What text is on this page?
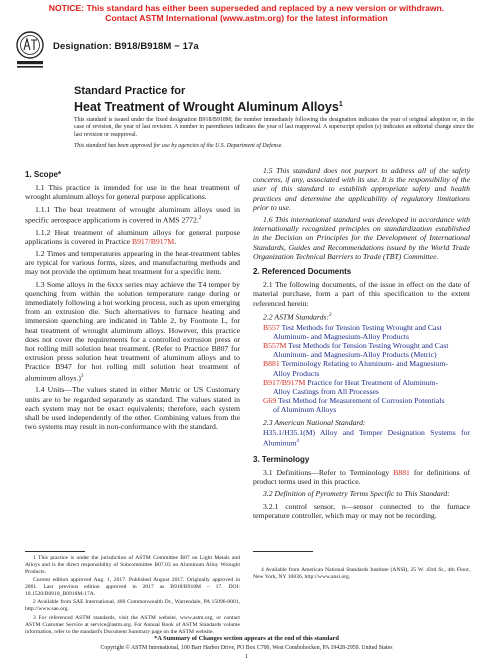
NOTICE: This standard has either been superseded and replaced by a new version or withdrawn.
Contact ASTM International (www.astm.org) for the latest information
Designation: B918/B918M − 17a
Standard Practice for
Heat Treatment of Wrought Aluminum Alloys$^1$
This standard is issued under the fixed designation B918/B918M; the number immediately following the designation indicates the year of original adoption or, in the case of revision, the year of last revision. A number in parentheses indicates the year of last reapproval. A superscript epsilon (ε) indicates an editorial change since the last revision or reapproval.
This standard has been approved for use by agencies of the U.S. Department of Defense.
1. Scope*

1.1 This practice is intended for use in the heat treatment of wrought aluminum alloys for general purpose applications.

1.1.1 The heat treatment of wrought aluminum alloys used in specific aerospace applications is covered in AMS 2772.$^2$

1.1.2 Heat treatment of aluminum alloys for general purpose applications is covered in Practice B917/B917M.

1.2 Times and temperatures appearing in the heat-treatment tables are typical for various forms, sizes, and manufacturing methods and may not provide the optimum heat treatment for a specific item.

1.3 Some alloys in the 6xxx series may achieve the T4 temper by quenching from within the solution temperature range during or immediately following a hot working process, such as upon emerging from an extrusion die. Such alternatives to furnace heating and immersion quenching are indicated in Table 2, by Footnote L, for heat treatment of wrought aluminum alloys. However, this practice does not cover the requirements for a controlled extrusion press or hot rolling mill solution heat treatment. (Refer to Practice B807 for extrusion press solution heat treatment of aluminum alloys and to Practice B947 for hot rolling mill solution heat treatment of aluminum alloys.)$^3$

1.4 Units—The values stated in either Metric or US Customary units are to be regarded separately as standard. The values stated in each system may not be exact equivalents; therefore, each system shall be used independently of the other. Combining values from the two systems may result in non-conformance with the standard.

1.5 This standard does not purport to address all of the safety concerns, if any, associated with its use. It is the responsibility of the user of this standard to establish appropriate safety and health practices and determine the applicability of regulatory limitations prior to use.

1.6 This international standard was developed in accordance with internationally recognized principles on standardization established in the Decision on Principles for the Development of International Standards, Guides and Recommendations issued by the World Trade Organization Technical Barriers to Trade (TBT) Committee.

2. Referenced Documents

2.1 The following documents, of the issue in effect on the date of material purchase, form a part of this specification to the extent referenced herein:

2.2 ASTM Standards:$^3$
B557 Test Methods for Tension Testing Wrought and Cast
Aluminum- and Magnesium-Alloy Products
B557M Test Methods for Tension Testing Wrought and Cast
Aluminum- and Magnesium-Alloy Products (Metric)
B881 Terminology Relating to Aluminum- and Magnesium-
Alloy Products
B917/B917M Practice for Heat Treatment of Aluminum-
Alloy Castings from All Processes
G69 Test Method for Measurement of Corrosion Potentials
of Aluminum Alloys
2.3 American National Standard:
H35.1/H35.1(M) Alloy and Temper Designation Systems for Aluminum$^4$
3. Terminology

3.1 Definitions—Refer to Terminology B881 for definitions of product terms used in this practice.

3.2 Definition of Pyrometry Terms Specific to This Standard:

3.2.1 control sensor, n—sensor connected to the furnace temperature controller, which may or may not be recording.

1 This practice is under the jurisdiction of ASTM Committee B07 on Light Metals and Alloys and is the direct responsibility of Subcommittee B07.03 on Aluminum Alloy Wrought Products.

Current edition approved Aug. 1, 2017. Published August 2017. Originally approved in 2001. Last previous edition approved in 2017 as B918/B918M – 17. DOI: 10.1520/B0918_B0918M-17A.

2 Available from SAE International, 400 Commonwealth Dr., Warrendale, PA 15096-0001, http://www.sae.org.

3 For referenced ASTM standards, visit the ASTM website, www.astm.org, or contact ASTM Customer Service at service@astm.org. For Annual Book of ASTM Standards volume information, refer to the standard's Document Summary page on the ASTM website.

4 Available from American National Standards Institute (ANSI), 25 W. 43rd St., 4th Floor, New York, NY 10036, http://www.ansi.org.

*A Summary of Changes section appears at the end of this standard
Copyright © ASTM International, 100 Barr Harbor Drive, PO Box C700, West Conshohocken, PA 19428-2959. United States
1
